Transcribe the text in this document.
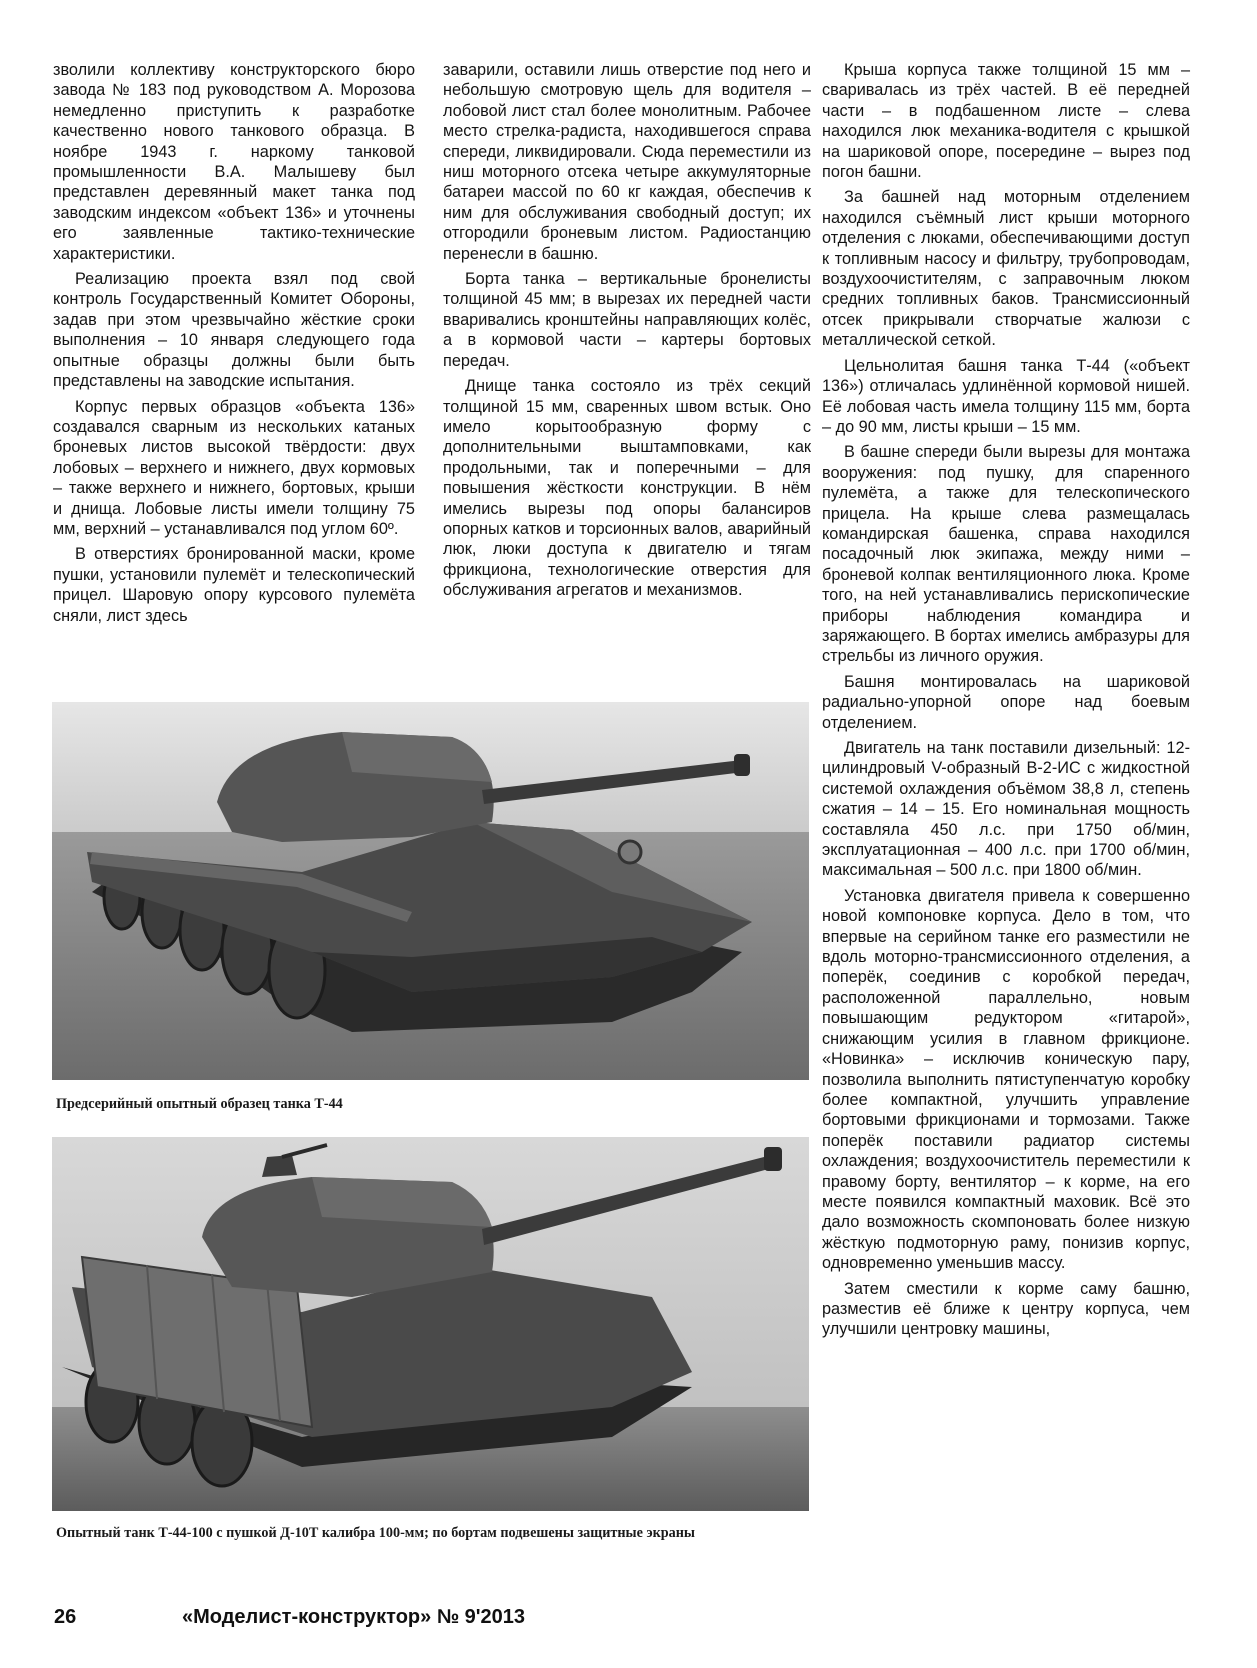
зволили коллективу конструкторского бюро завода № 183 под руководством А. Морозова немедленно приступить к разработке качественно нового танкового образца. В ноябре 1943 г. наркому танковой промышленности В.А. Малышеву был представлен деревянный макет танка под заводским индексом «объект 136» и уточнены его заявленные тактико-технические характеристики.

Реализацию проекта взял под свой контроль Государственный Комитет Обороны, задав при этом чрезвычайно жёсткие сроки выполнения – 10 января следующего года опытные образцы должны были быть представлены на заводские испытания.

Корпус первых образцов «объекта 136» создавался сварным из нескольких катаных броневых листов высокой твёрдости: двух лобовых – верхнего и нижнего, двух кормовых – также верхнего и нижнего, бортовых, крыши и днища. Лобовые листы имели толщину 75 мм, верхний – устанавливался под углом 60º.

В отверстиях бронированной маски, кроме пушки, установили пулемёт и телескопический прицел. Шаровую опору курсового пулемёта сняли, лист здесь

заварили, оставили лишь отверстие под него и небольшую смотровую щель для водителя – лобовой лист стал более монолитным. Рабочее место стрелка-радиста, находившегося справа спереди, ликвидировали. Сюда переместили из ниш моторного отсека четыре аккумуляторные батареи массой по 60 кг каждая, обеспечив к ним для обслуживания свободный доступ; их отгородили броневым листом. Радиостанцию перенесли в башню.

Борта танка – вертикальные бронелисты толщиной 45 мм; в вырезах их передней части вваривались кронштейны направляющих колёс, а в кормовой части – картеры бортовых передач.

Днище танка состояло из трёх секций толщиной 15 мм, сваренных швом встык. Оно имело корытообразную форму с дополнительными выштамповками, как продольными, так и поперечными – для повышения жёсткости конструкции. В нём имелись вырезы под опоры балансиров опорных катков и торсионных валов, аварийный люк, люки доступа к двигателю и тягам фрикциона, технологические отверстия для обслуживания агрегатов и механизмов.

Крыша корпуса также толщиной 15 мм – сваривалась из трёх частей. В её передней части – в подбашенном листе – слева находился люк механика-водителя с крышкой на шариковой опоре, посередине – вырез под погон башни.

За башней над моторным отделением находился съёмный лист крыши моторного отделения с люками, обеспечивающими доступ к топливным насосу и фильтру, трубопроводам, воздухоочистителям, с заправочным люком средних топливных баков. Трансмиссионный отсек прикрывали створчатые жалюзи с металлической сеткой.

Цельнолитая башня танка Т-44 («объект 136») отличалась удлинённой кормовой нишей. Её лобовая часть имела толщину 115 мм, борта – до 90 мм, листы крыши – 15 мм.

В башне спереди были вырезы для монтажа вооружения: под пушку, для спаренного пулемёта, а также для телескопического прицела. На крыше слева размещалась командирская башенка, справа находился посадочный люк экипажа, между ними – броневой колпак вентиляционного люка. Кроме того, на ней устанавливались перископические приборы наблюдения командира и заряжающего. В бортах имелись амбразуры для стрельбы из личного оружия.

Башня монтировалась на шариковой радиально-упорной опоре над боевым отделением.

Двигатель на танк поставили дизельный: 12-цилиндровый V-образный В-2-ИС с жидкостной системой охлаждения объёмом 38,8 л, степень сжатия – 14 – 15. Его номинальная мощность составляла 450 л.с. при 1750 об/мин, эксплуатационная – 400 л.с. при 1700 об/мин, максимальная – 500 л.с. при 1800 об/мин.

Установка двигателя привела к совершенно новой компоновке корпуса. Дело в том, что впервые на серийном танке его разместили не вдоль моторно-трансмиссионного отделения, а поперёк, соединив с коробкой передач, расположенной параллельно, новым повышающим редуктором «гитарой», снижающим усилия в главном фрикционе. «Новинка» – исключив коническую пару, позволила выполнить пятиступенчатую коробку более компактной, улучшить управление бортовыми фрикционами и тормозами. Также поперёк поставили радиатор системы охлаждения; воздухоочиститель переместили к правому борту, вентилятор – к корме, на его месте появился компактный маховик. Всё это дало возможность скомпоновать более низкую жёсткую подмоторную раму, понизив корпус, одновременно уменьшив массу.

Затем сместили к корме саму башню, разместив её ближе к центру корпуса, чем улучшили центровку машины,

Предсерийный опытный образец танка Т-44
Опытный танк Т-44-100 с пушкой Д-10Т калибра 100-мм; по бортам подвешены защитные экраны
26	«Моделист-конструктор» № 9'2013
